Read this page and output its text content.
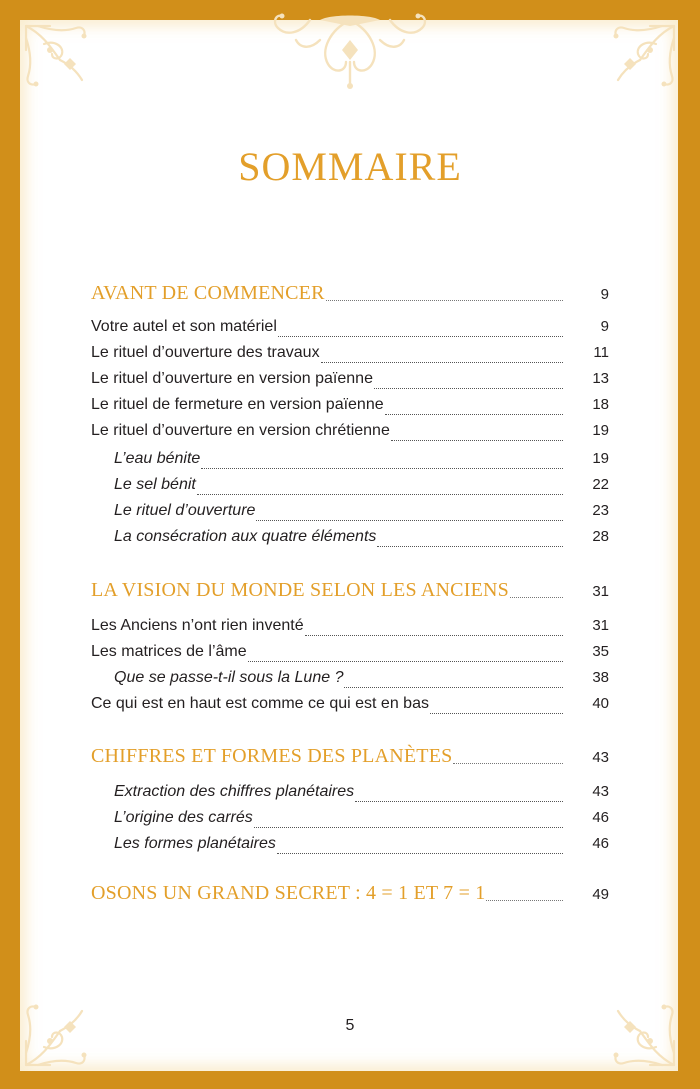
SOMMAIRE
AVANT DE COMMENCER	9
Votre autel et son matériel	9
Le rituel d’ouverture des travaux	11
Le rituel d’ouverture en version païenne	13
Le rituel de fermeture en version païenne	18
Le rituel d’ouverture en version chrétienne	19
L’eau bénite	19
Le sel bénit	22
Le rituel d’ouverture	23
La consécration aux quatre éléments	28
LA VISION DU MONDE SELON LES ANCIENS	31
Les Anciens n’ont rien inventé	31
Les matrices de l’âme	35
Que se passe-t-il sous la Lune ?	38
Ce qui est en haut est comme ce qui est en bas	40
CHIFFRES ET FORMES DES PLANÈTES	43
Extraction des chiffres planétaires	43
L’origine des carrés	46
Les formes planétaires	46
OSONS UN GRAND SECRET : 4 = 1 ET 7 = 1	49
5
